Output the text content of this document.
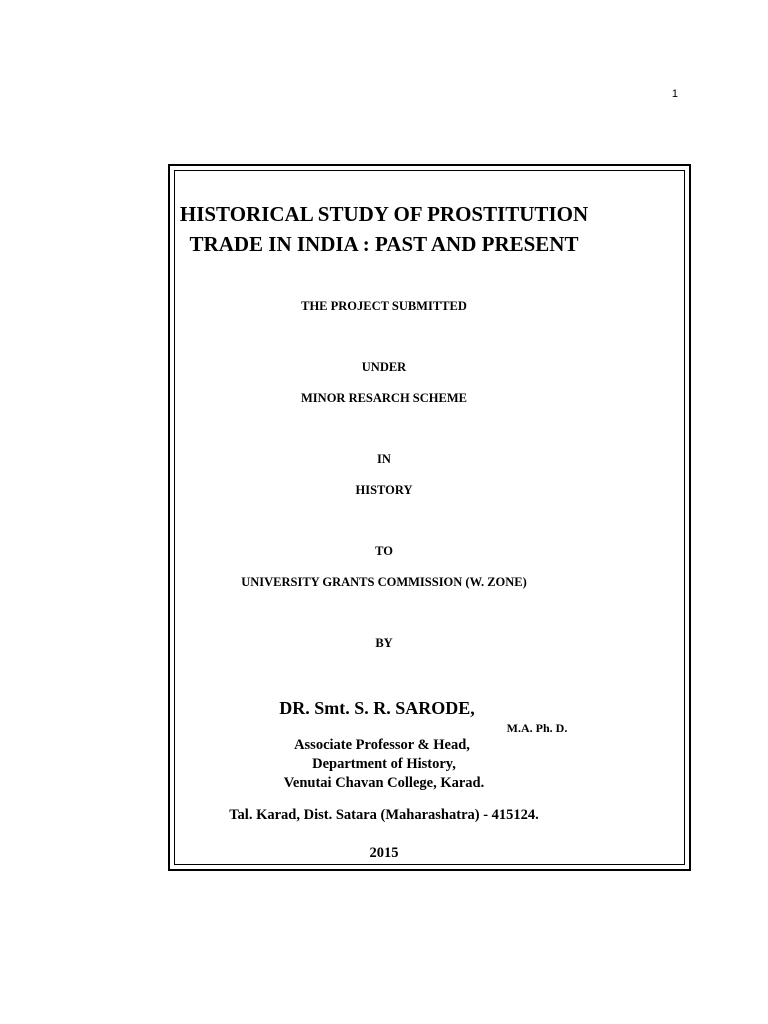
1
HISTORICAL STUDY OF PROSTITUTION
TRADE IN INDIA : PAST AND PRESENT
THE PROJECT SUBMITTED
UNDER
MINOR RESARCH SCHEME
IN
HISTORY
TO
UNIVERSITY GRANTS COMMISSION (W. ZONE)
BY
DR. Smt. S. R. SARODE,
M.A. Ph. D.
Associate Professor & Head,
Department of History,
Venutai Chavan College, Karad.
Tal. Karad, Dist. Satara (Maharashatra) - 415124.
2015
